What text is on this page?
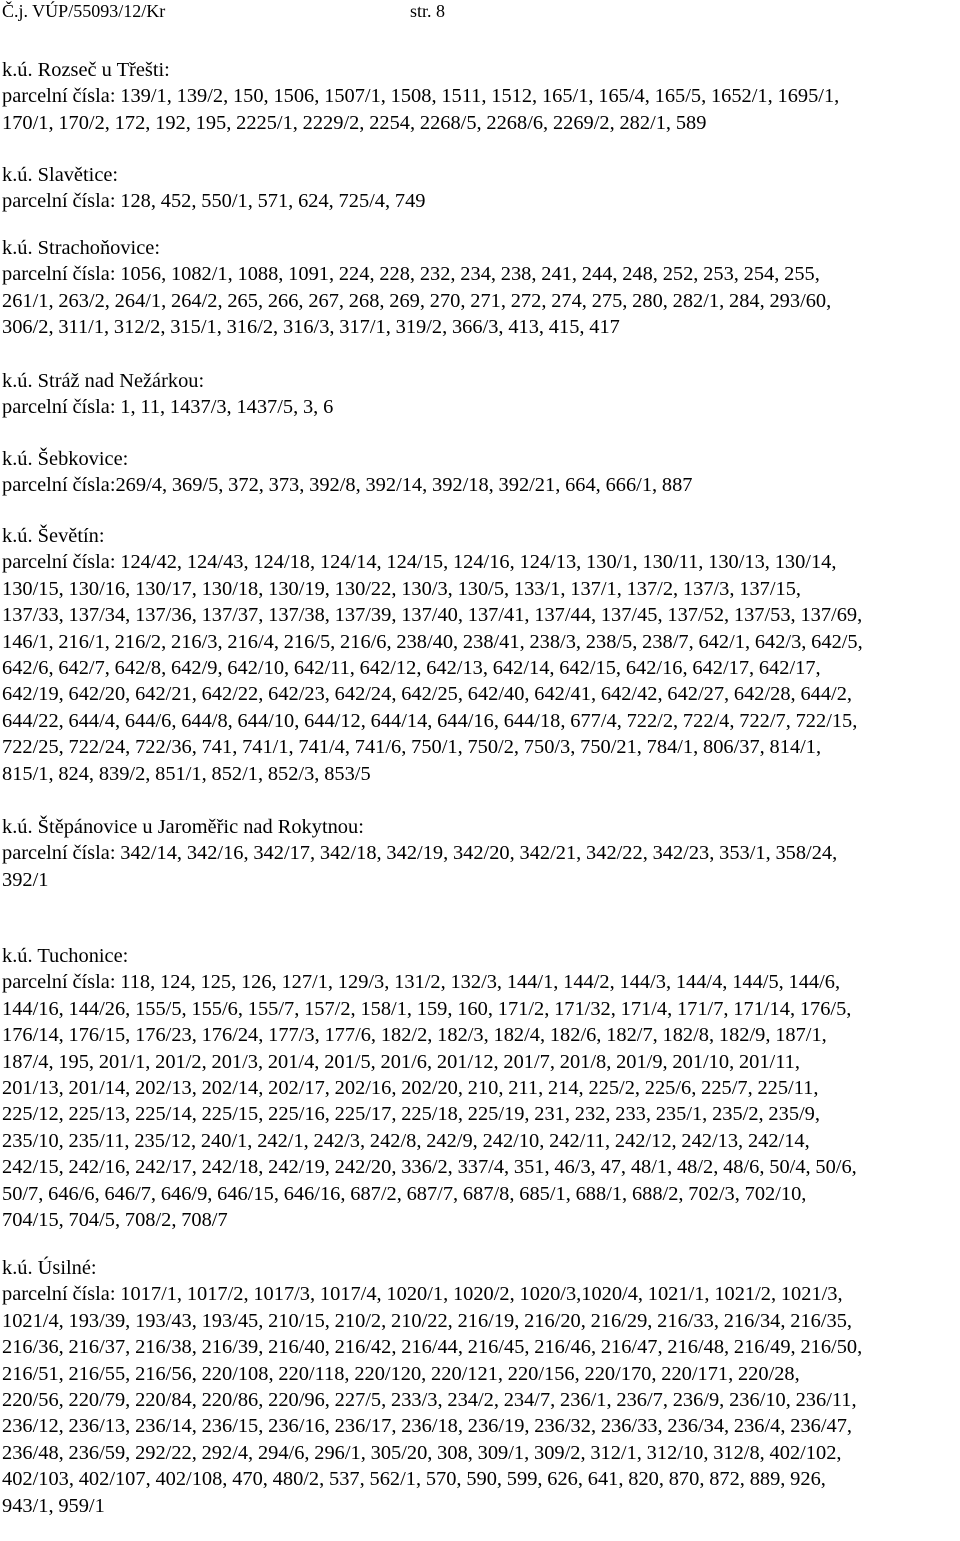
Č.j. VÚP/55093/12/Kr	str. 8
k.ú. Rozseč u Třešti:
parcelní čísla: 139/1, 139/2, 150, 1506, 1507/1, 1508, 1511, 1512, 165/1, 165/4, 165/5, 1652/1, 1695/1,
170/1, 170/2, 172, 192, 195, 2225/1, 2229/2, 2254, 2268/5, 2268/6, 2269/2, 282/1, 589
k.ú. Slavětice:
parcelní čísla: 128, 452, 550/1, 571, 624, 725/4, 749
k.ú. Strachoňovice:
parcelní čísla: 1056, 1082/1, 1088, 1091, 224, 228, 232, 234, 238, 241, 244, 248, 252, 253, 254, 255,
261/1, 263/2, 264/1, 264/2, 265, 266, 267, 268, 269, 270, 271, 272, 274, 275, 280, 282/1, 284, 293/60,
306/2, 311/1, 312/2, 315/1, 316/2, 316/3, 317/1, 319/2, 366/3, 413, 415, 417
k.ú. Stráž nad Nežárkou:
parcelní čísla: 1, 11, 1437/3, 1437/5, 3, 6
k.ú. Šebkovice:
parcelní čísla:269/4, 369/5, 372, 373, 392/8, 392/14, 392/18, 392/21, 664, 666/1, 887
k.ú. Ševětín:
parcelní čísla: 124/42, 124/43, 124/18, 124/14, 124/15, 124/16, 124/13, 130/1, 130/11, 130/13, 130/14,
130/15, 130/16, 130/17, 130/18, 130/19, 130/22, 130/3, 130/5, 133/1, 137/1, 137/2, 137/3, 137/15,
137/33, 137/34, 137/36, 137/37, 137/38, 137/39, 137/40, 137/41, 137/44, 137/45, 137/52, 137/53, 137/69,
146/1, 216/1, 216/2, 216/3, 216/4, 216/5, 216/6, 238/40, 238/41, 238/3, 238/5, 238/7, 642/1, 642/3, 642/5,
642/6, 642/7, 642/8, 642/9, 642/10, 642/11, 642/12, 642/13, 642/14, 642/15, 642/16, 642/17, 642/17,
642/19, 642/20, 642/21, 642/22, 642/23, 642/24, 642/25, 642/40, 642/41, 642/42, 642/27, 642/28, 644/2,
644/22, 644/4, 644/6, 644/8, 644/10, 644/12, 644/14, 644/16, 644/18, 677/4, 722/2, 722/4, 722/7, 722/15,
722/25, 722/24, 722/36, 741, 741/1, 741/4, 741/6, 750/1, 750/2, 750/3, 750/21, 784/1, 806/37, 814/1,
815/1, 824, 839/2, 851/1, 852/1, 852/3, 853/5
k.ú. Štěpánovice u Jaroměřic nad Rokytnou:
parcelní čísla: 342/14, 342/16, 342/17, 342/18, 342/19, 342/20, 342/21, 342/22, 342/23, 353/1, 358/24,
392/1
k.ú. Tuchonice:
parcelní čísla: 118, 124, 125, 126, 127/1, 129/3, 131/2, 132/3, 144/1, 144/2, 144/3, 144/4, 144/5, 144/6,
144/16, 144/26, 155/5, 155/6, 155/7, 157/2, 158/1, 159, 160, 171/2, 171/32, 171/4, 171/7, 171/14, 176/5,
176/14, 176/15, 176/23, 176/24, 177/3, 177/6, 182/2, 182/3, 182/4, 182/6, 182/7, 182/8, 182/9, 187/1,
187/4, 195, 201/1, 201/2, 201/3, 201/4, 201/5, 201/6, 201/12, 201/7, 201/8, 201/9, 201/10, 201/11,
201/13, 201/14, 202/13, 202/14, 202/17, 202/16, 202/20, 210, 211, 214, 225/2, 225/6, 225/7, 225/11,
225/12, 225/13, 225/14, 225/15, 225/16, 225/17, 225/18, 225/19, 231, 232, 233, 235/1, 235/2, 235/9,
235/10, 235/11, 235/12, 240/1, 242/1, 242/3, 242/8, 242/9, 242/10, 242/11, 242/12, 242/13, 242/14,
242/15, 242/16, 242/17, 242/18, 242/19, 242/20, 336/2, 337/4, 351, 46/3, 47, 48/1, 48/2, 48/6, 50/4, 50/6,
50/7, 646/6, 646/7, 646/9, 646/15, 646/16, 687/2, 687/7, 687/8, 685/1, 688/1, 688/2, 702/3, 702/10,
704/15, 704/5, 708/2, 708/7
k.ú. Úsilné:
parcelní čísla: 1017/1, 1017/2, 1017/3, 1017/4, 1020/1, 1020/2, 1020/3,1020/4, 1021/1, 1021/2, 1021/3,
1021/4, 193/39, 193/43, 193/45, 210/15, 210/2, 210/22, 216/19, 216/20, 216/29, 216/33, 216/34, 216/35,
216/36, 216/37, 216/38, 216/39, 216/40, 216/42, 216/44, 216/45, 216/46, 216/47, 216/48, 216/49, 216/50,
216/51, 216/55, 216/56, 220/108, 220/118, 220/120, 220/121, 220/156, 220/170, 220/171, 220/28,
220/56, 220/79, 220/84, 220/86, 220/96, 227/5, 233/3, 234/2, 234/7, 236/1, 236/7, 236/9, 236/10, 236/11,
236/12, 236/13, 236/14, 236/15, 236/16, 236/17, 236/18, 236/19, 236/32, 236/33, 236/34, 236/4, 236/47,
236/48, 236/59, 292/22, 292/4, 294/6, 296/1, 305/20, 308, 309/1, 309/2, 312/1, 312/10, 312/8, 402/102,
402/103, 402/107, 402/108, 470, 480/2, 537, 562/1, 570, 590, 599, 626, 641, 820, 870, 872, 889, 926,
943/1, 959/1
